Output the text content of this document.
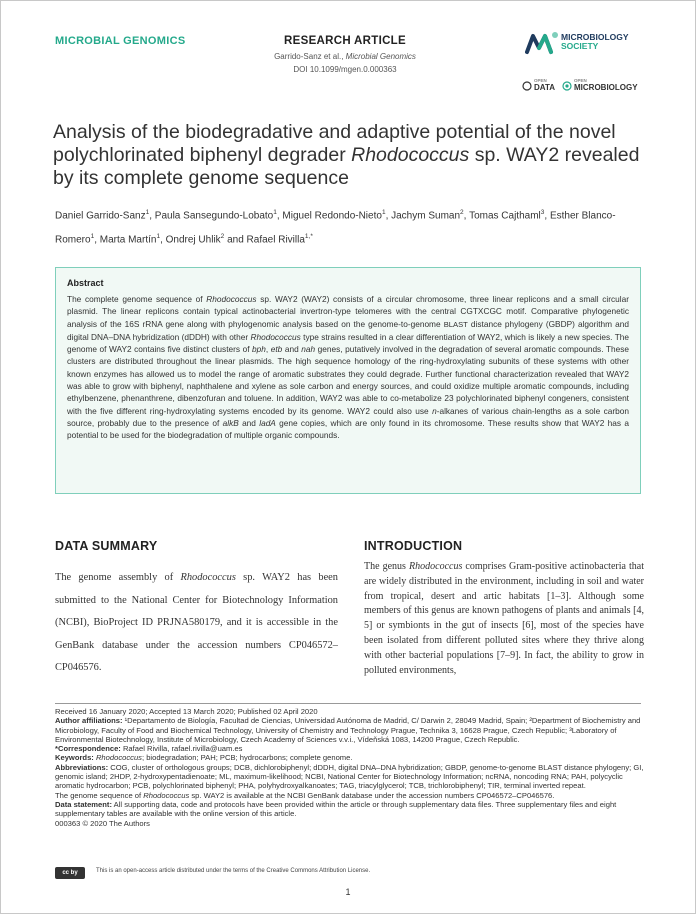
MICROBIAL GENOMICS	RESEARCH ARTICLE
Garrido-Sanz et al., Microbial Genomics
DOI 10.1099/mgen.0.000363
MICROBIOLOGY
SOCIETY
OPEN
DATA
OPEN
MICROBIOLOGY
Analysis of the biodegradative and adaptive potential of the novel polychlorinated biphenyl degrader Rhodococcus sp. WAY2 revealed by its complete genome sequence
Daniel Garrido-Sanz$^1$, Paula Sansegundo-Lobato$^1$, Miguel Redondo-Nieto$^1$, Jachym Suman$^2$, Tomas Cajthaml$^3$, Esther Blanco-Romero$^1$, Marta Martín$^1$, Ondrej Uhlik$^2$ and Rafael Rivilla$^{1,*}$
Abstract
The complete genome sequence of Rhodococcus sp. WAY2 (WAY2) consists of a circular chromosome, three linear replicons and a small circular plasmid. The linear replicons contain typical actinobacterial invertron-type telomeres with the central CGTXCGC motif. Comparative phylogenetic analysis of the 16S rRNA gene along with phylogenomic analysis based on the genome-to-genome BLAST distance phylogeny (GBDP) algorithm and digital DNA–DNA hybridization (dDDH) with other Rhodococcus type strains resulted in a clear differentiation of WAY2, which is likely a new species. The genome of WAY2 contains five distinct clusters of bph, etb and nah genes, putatively involved in the degradation of several aromatic compounds. These clusters are distributed throughout the linear plasmids. The high sequence homology of the ring-hydroxylating subunits of these systems with other known enzymes has allowed us to model the range of aromatic substrates they could degrade. Further functional characterization revealed that WAY2 was able to grow with biphenyl, naphthalene and xylene as sole carbon and energy sources, and could oxidize multiple aromatic compounds, including ethylbenzene, phenanthrene, dibenzofuran and toluene. In addition, WAY2 was able to co-metabolize 23 polychlorinated biphenyl congeners, consistent with the five different ring-hydroxylating systems encoded by its genome. WAY2 could also use n-alkanes of various chain-lengths as a sole carbon source, probably due to the presence of alkB and ladA gene copies, which are only found in its chromosome. These results show that WAY2 has a potential to be used for the biodegradation of multiple organic compounds.
DATA SUMMARY
The genome assembly of Rhodococcus sp. WAY2 has been submitted to the National Center for Biotechnology Information (NCBI), BioProject ID PRJNA580179, and it is accessible in the GenBank database under the accession numbers CP046572–CP046576.
INTRODUCTION
The genus Rhodococcus comprises Gram-positive actinobacteria that are widely distributed in the environment, including in soil and water from tropical, desert and artic habitats [1–3]. Although some members of this genus are known pathogens of plants and animals [4, 5] or symbionts in the gut of insects [6], most of the species have been isolated from different polluted sites where they thrive along with other bacterial populations [7–9]. In fact, the ability to grow in polluted environments,
Received 16 January 2020; Accepted 13 March 2020; Published 02 April 2020
Author affiliations: ¹Departamento de Biología, Facultad de Ciencias, Universidad Autónoma de Madrid, C/ Darwin 2, 28049 Madrid, Spain; ²Department of Biochemistry and Microbiology, Faculty of Food and Biochemical Technology, University of Chemistry and Technology Prague, Technika 3, 16628 Prague, Czech Republic; ³Laboratory of Environmental Biotechnology, Institute of Microbiology, Czech Academy of Sciences v.v.i., Vídeňská 1083, 14200 Prague, Czech Republic.
*Correspondence: Rafael Rivilla, rafael.rivilla@uam.es
Keywords: Rhodococcus; biodegradation; PAH; PCB; hydrocarbons; complete genome.
Abbreviations: COG, cluster of orthologous groups; DCB, dichlorobiphenyl; dDDH, digital DNA–DNA hybridization; GBDP, genome-to-genome BLAST distance phylogeny; GI, genomic island; 2HDP, 2-hydroxypentadienoate; ML, maximum-likelihood; NCBI, National Center for Biotechnology Information; ncRNA, noncoding RNA; PAH, polycyclic aromatic hydrocarbon; PCB, polychlorinated biphenyl; PHA, polyhydroxyalkanoates; TAG, triacylglycerol; TCB, trichlorobiphenyl; TIR, terminal inverted repeat.
The genome sequence of Rhodococcus sp. WAY2 is available at the NCBI GenBank database under the accession numbers CP046572–CP046576.
Data statement: All supporting data, code and protocols have been provided within the article or through supplementary data files. Three supplementary files and eight supplementary tables are available with the online version of this article.
000363 © 2020 The Authors
cc by	This is an open-access article distributed under the terms of the Creative Commons Attribution License.
1
